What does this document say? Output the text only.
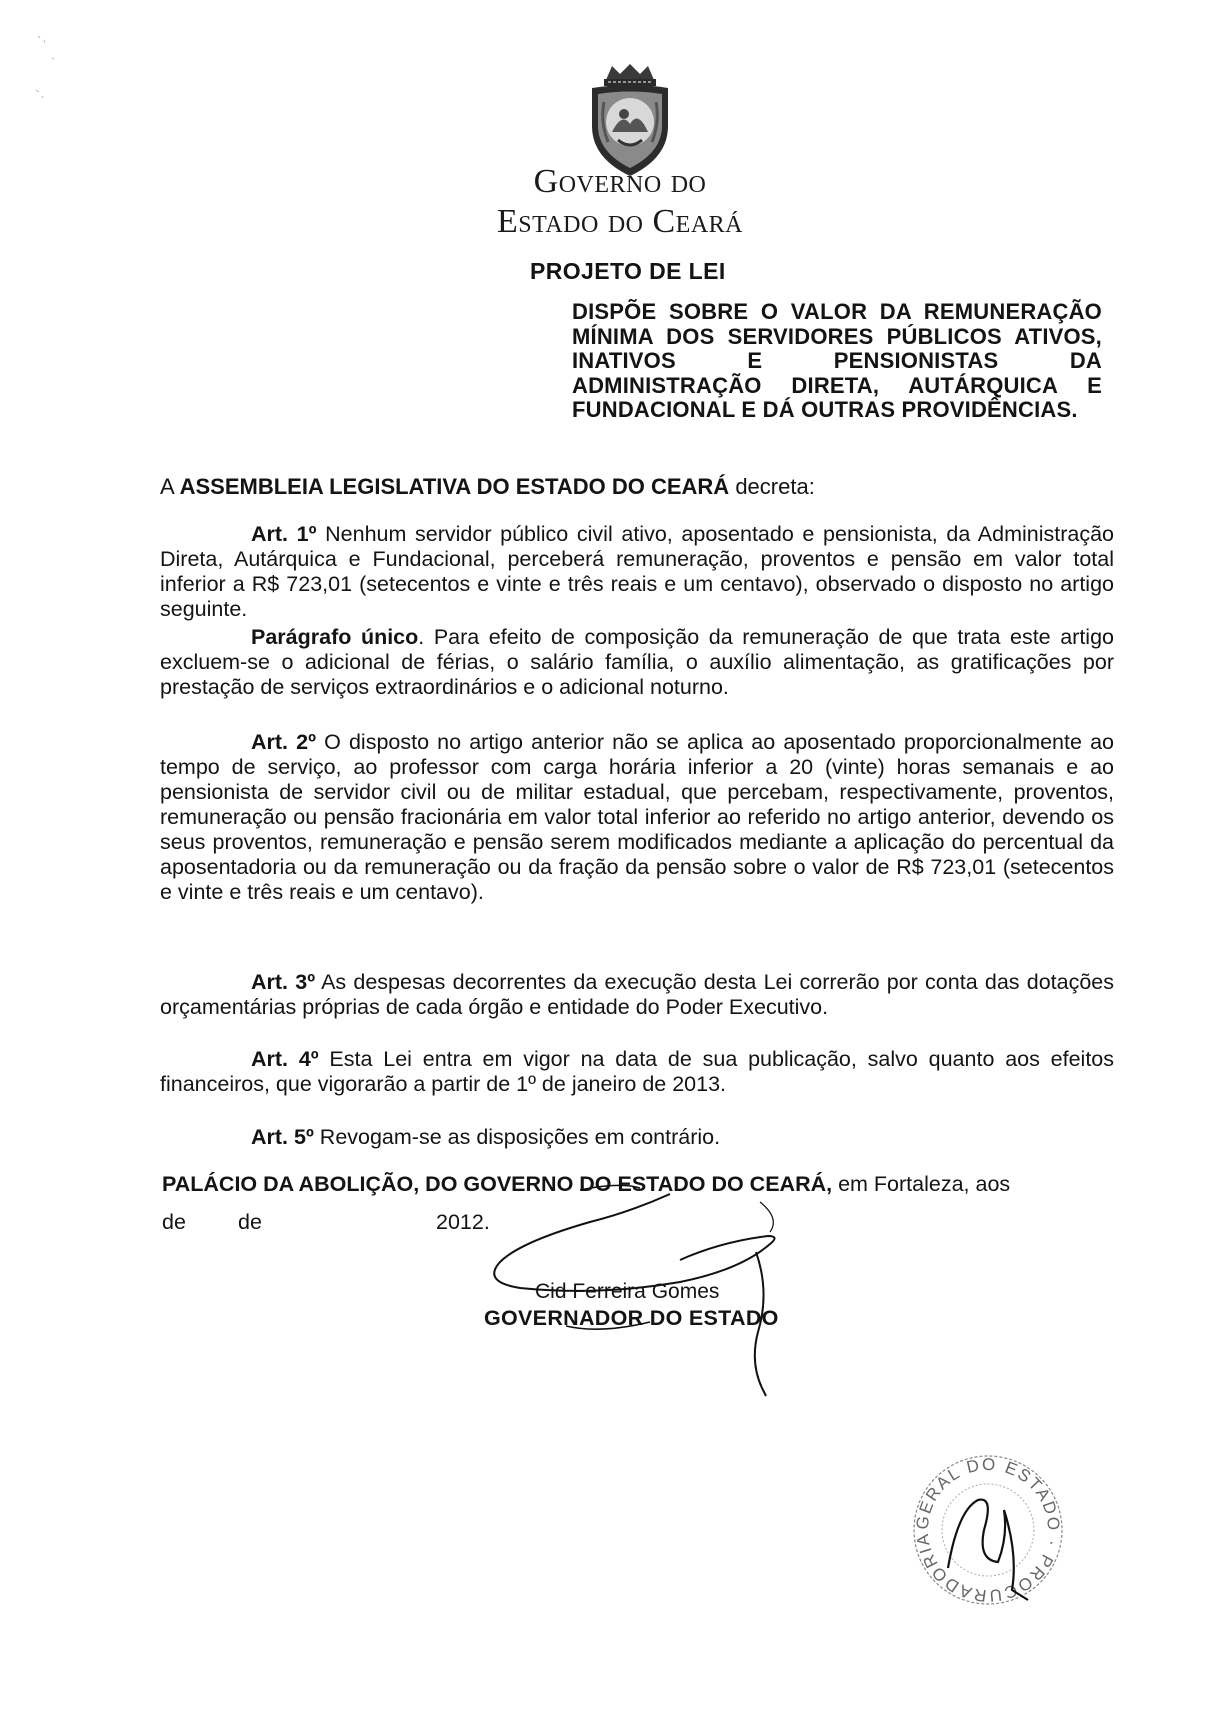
Governo do
Estado do Ceará
PROJETO DE LEI
DISPÕE SOBRE O VALOR DA REMUNERAÇÃO
MÍNIMA DOS SERVIDORES PÚBLICOS ATIVOS,
INATIVOS E PENSIONISTAS DA
ADMINISTRAÇÃO DIRETA, AUTÁRQUICA E
FUNDACIONAL E DÁ OUTRAS PROVIDÊNCIAS.
A ASSEMBLEIA LEGISLATIVA DO ESTADO DO CEARÁ decreta:
Art. 1º Nenhum servidor público civil ativo, aposentado e pensionista, da Administração Direta, Autárquica e Fundacional, perceberá remuneração, proventos e pensão em valor total inferior a R$ 723,01 (setecentos e vinte e três reais e um centavo), observado o disposto no artigo seguinte.
Parágrafo único. Para efeito de composição da remuneração de que trata este artigo excluem-se o adicional de férias, o salário família, o auxílio alimentação, as gratificações por prestação de serviços extraordinários e o adicional noturno.
Art. 2º O disposto no artigo anterior não se aplica ao aposentado proporcionalmente ao tempo de serviço, ao professor com carga horária inferior a 20 (vinte) horas semanais e ao pensionista de servidor civil ou de militar estadual, que percebam, respectivamente, proventos, remuneração ou pensão fracionária em valor total inferior ao referido no artigo anterior, devendo os seus proventos, remuneração e pensão serem modificados mediante a aplicação do percentual da aposentadoria ou da remuneração ou da fração da pensão sobre o valor de R$ 723,01 (setecentos e vinte e três reais e um centavo).
Art. 3º As despesas decorrentes da execução desta Lei correrão por conta das dotações orçamentárias próprias de cada órgão e entidade do Poder Executivo.
Art. 4º Esta Lei entra em vigor na data de sua publicação, salvo quanto aos efeitos financeiros, que vigorarão a partir de 1º de janeiro de 2013.
Art. 5º Revogam-se as disposições em contrário.
PALÁCIO DA ABOLIÇÃO, DO GOVERNO DO ESTADO DO CEARÁ, em Fortaleza, aos
de de	2012.
Cid Ferreira Gomes
GOVERNADOR DO ESTADO
GERAL DO ESTADO · PROCURADORIA
